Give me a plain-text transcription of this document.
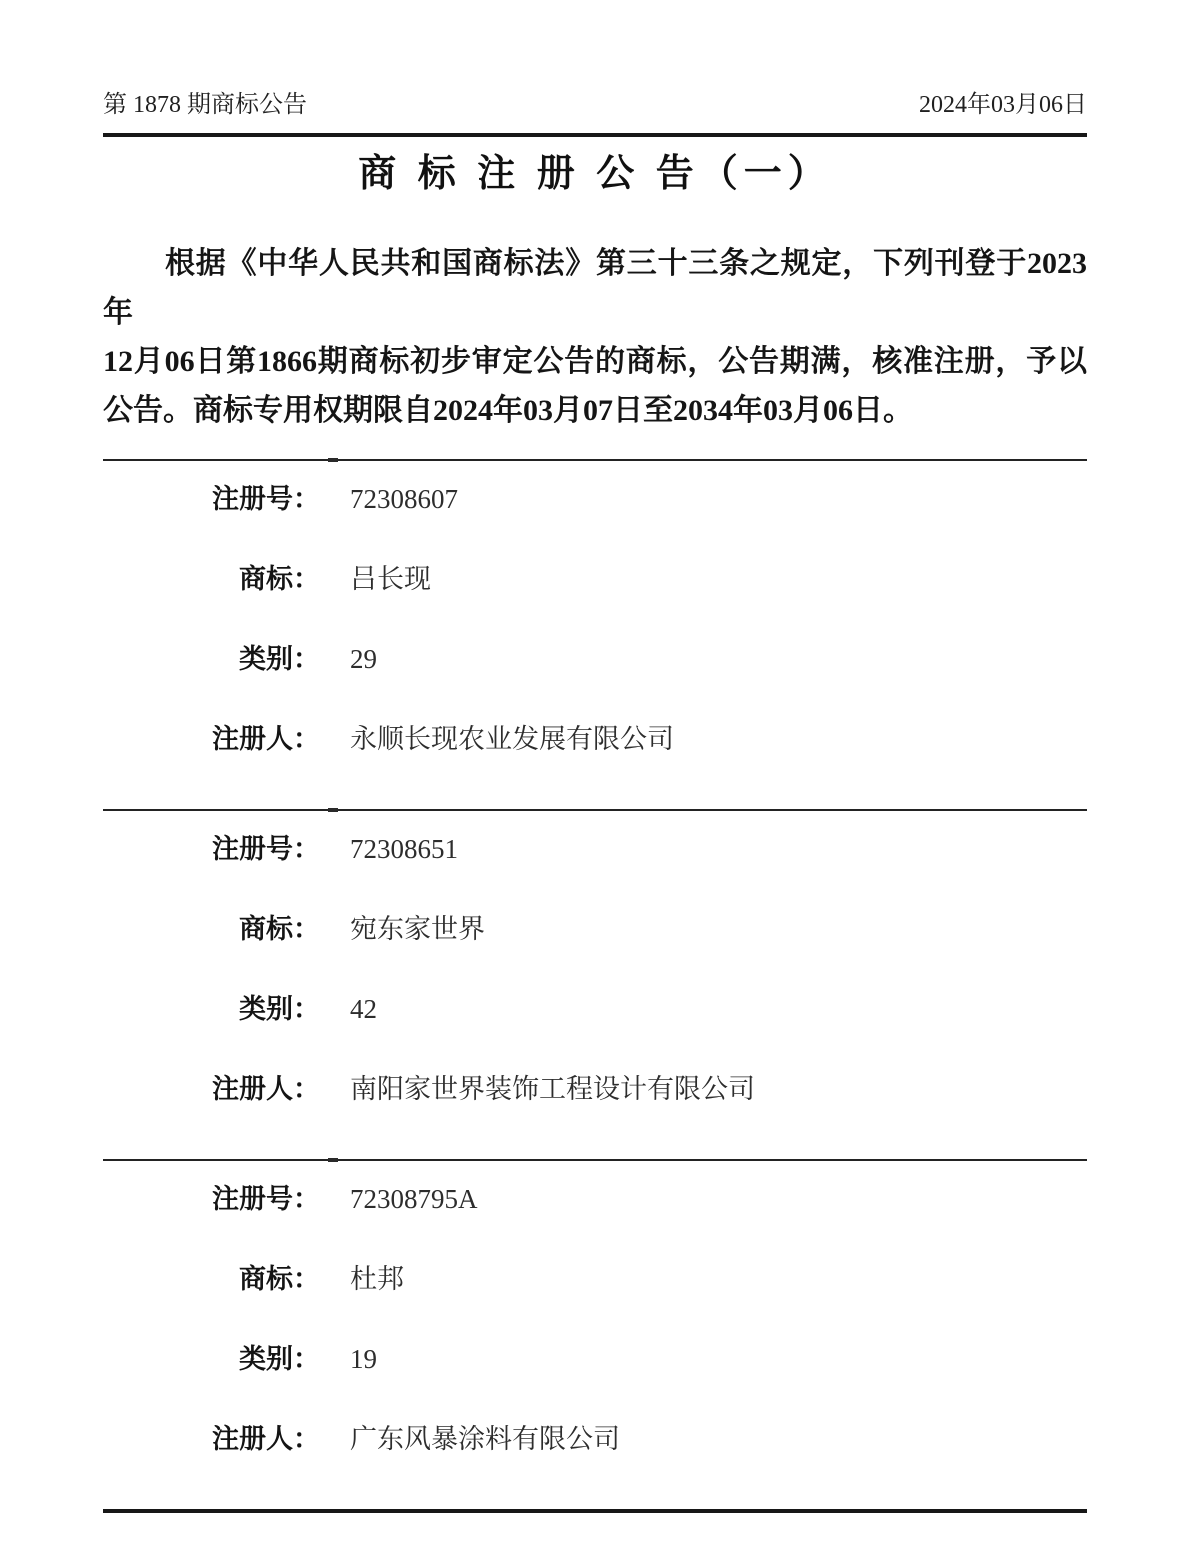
第 1878 期商标公告	2024年03月06日
商 标 注 册 公 告（一）
根据《中华人民共和国商标法》第三十三条之规定，下列刊登于2023年
12月06日第1866期商标初步审定公告的商标，公告期满，核准注册，予以
公告。商标专用权期限自2024年03月07日至2034年03月06日。
注册号： 72308607
商标： 吕长现
类别： 29
注册人： 永顺长现农业发展有限公司
注册号： 72308651
商标： 宛东家世界
类别： 42
注册人： 南阳家世界装饰工程设计有限公司
注册号： 72308795A
商标： 杜邦
类别： 19
注册人： 广东风暴涂料有限公司
